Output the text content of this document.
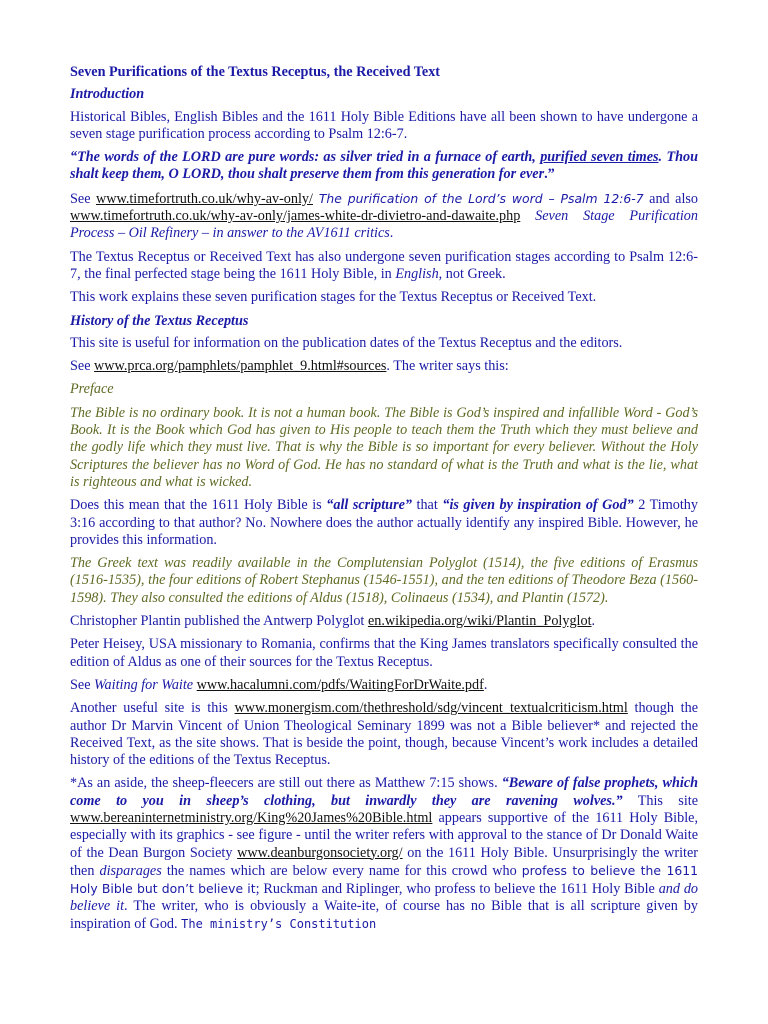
Seven Purifications of the Textus Receptus, the Received Text

Introduction

Historical Bibles, English Bibles and the 1611 Holy Bible Editions have all been shown to have undergone a seven stage purification process according to Psalm 12:6-7.

“The words of the LORD are pure words: as silver tried in a furnace of earth, purified seven times. Thou shalt keep them, O LORD, thou shalt preserve them from this generation for ever.”

See www.timefortruth.co.uk/why-av-only/ The purification of the Lord’s word – Psalm 12:6-7 and also www.timefortruth.co.uk/why-av-only/james-white-dr-divietro-and-dawaite.php Seven Stage Purification Process – Oil Refinery – in answer to the AV1611 critics.

The Textus Receptus or Received Text has also undergone seven purification stages according to Psalm 12:6-7, the final perfected stage being the 1611 Holy Bible, in English, not Greek.

This work explains these seven purification stages for the Textus Receptus or Received Text.

History of the Textus Receptus

This site is useful for information on the publication dates of the Textus Receptus and the editors.

See www.prca.org/pamphlets/pamphlet_9.html#sources. The writer says this:

Preface

The Bible is no ordinary book. It is not a human book. The Bible is God’s inspired and infallible Word - God’s Book. It is the Book which God has given to His people to teach them the Truth which they must believe and the godly life which they must live. That is why the Bible is so important for every believer. Without the Holy Scriptures the believer has no Word of God. He has no standard of what is the Truth and what is the lie, what is righteous and what is wicked.

Does this mean that the 1611 Holy Bible is “all scripture” that “is given by inspiration of God” 2 Timothy 3:16 according to that author? No. Nowhere does the author actually identify any inspired Bible. However, he provides this information.

The Greek text was readily available in the Complutensian Polyglot (1514), the five editions of Erasmus (1516-1535), the four editions of Robert Stephanus (1546-1551), and the ten editions of Theodore Beza (1560-1598). They also consulted the editions of Aldus (1518), Colinaeus (1534), and Plantin (1572).

Christopher Plantin published the Antwerp Polyglot en.wikipedia.org/wiki/Plantin_Polyglot.

Peter Heisey, USA missionary to Romania, confirms that the King James translators specifically consulted the edition of Aldus as one of their sources for the Textus Receptus.

See Waiting for Waite www.hacalumni.com/pdfs/WaitingForDrWaite.pdf.

Another useful site is this www.monergism.com/thethreshold/sdg/vincent_textualcriticism.html though the author Dr Marvin Vincent of Union Theological Seminary 1899 was not a Bible believer* and rejected the Received Text, as the site shows. That is beside the point, though, because Vincent’s work includes a detailed history of the editions of the Textus Receptus.

*As an aside, the sheep-fleecers are still out there as Matthew 7:15 shows. “Beware of false prophets, which come to you in sheep’s clothing, but inwardly they are ravening wolves.” This site www.bereaninternetministry.org/King%20James%20Bible.html appears supportive of the 1611 Holy Bible, especially with its graphics - see figure - until the writer refers with approval to the stance of Dr Donald Waite of the Dean Burgon Society www.deanburgonsociety.org/ on the 1611 Holy Bible. Unsurprisingly the writer then disparages the names which are below every name for this crowd who profess to believe the 1611 Holy Bible but don’t believe it; Ruckman and Riplinger, who profess to believe the 1611 Holy Bible and do believe it. The writer, who is obviously a Waite-ite, of course has no Bible that is all scripture given by inspiration of God. The ministry’s Constitution
